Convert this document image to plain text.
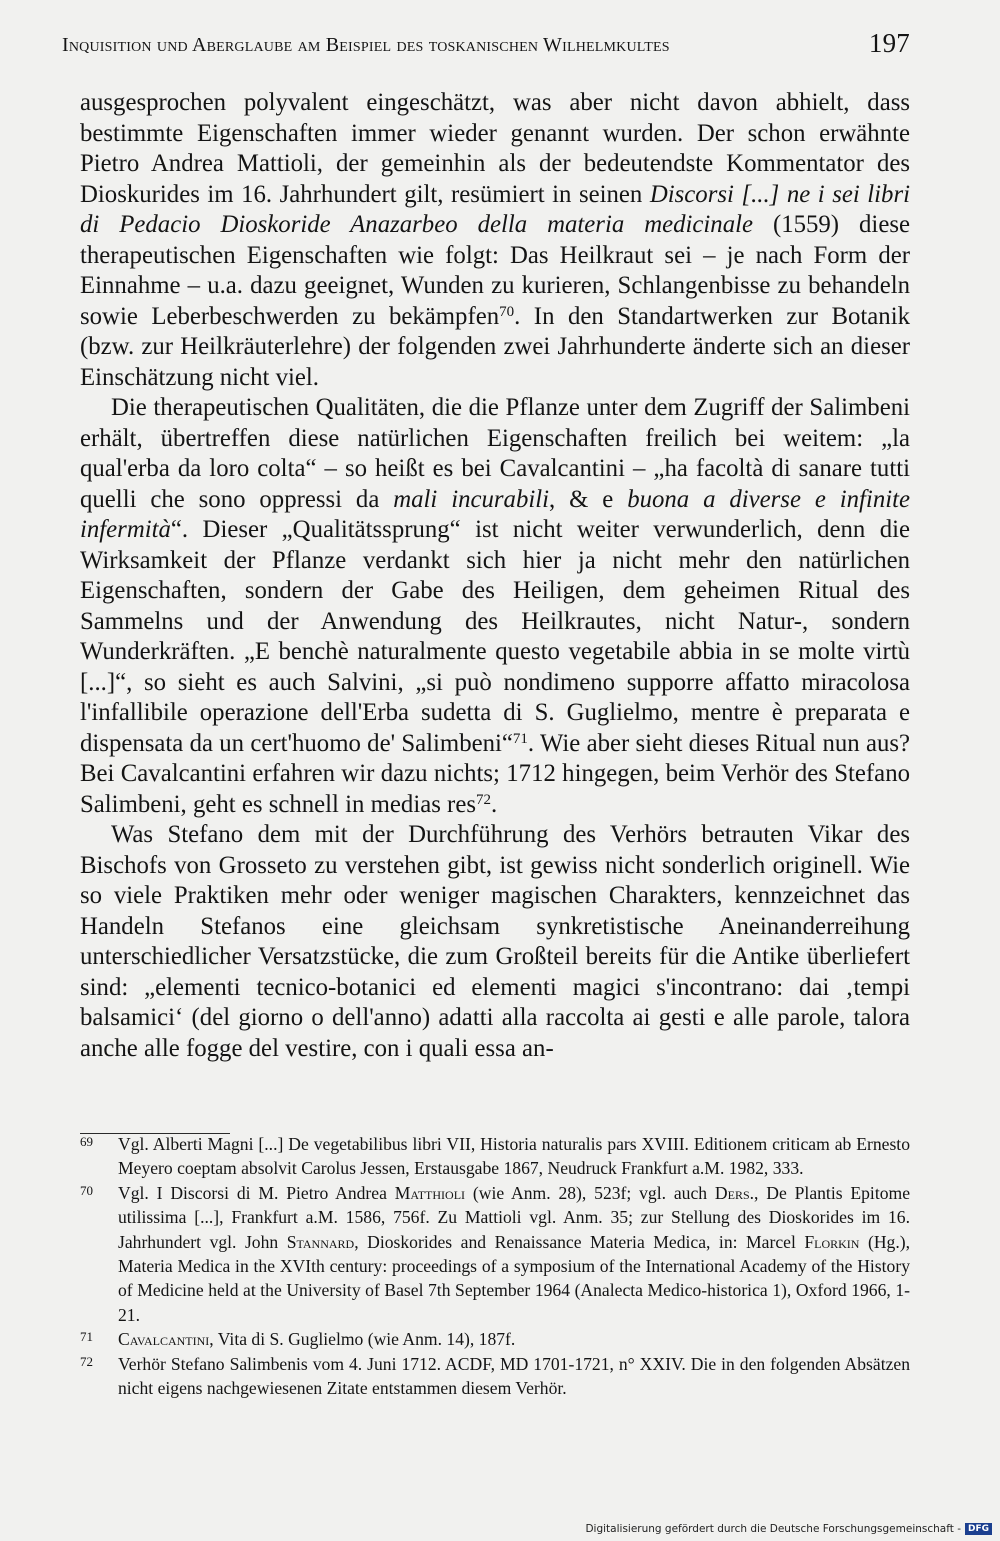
Inquisition und Aberglaube am Beispiel des toskanischen Wilhelmkultes	197

ausgesprochen polyvalent eingeschätzt, was aber nicht davon abhielt, dass bestimmte Eigenschaften immer wieder genannt wurden. Der schon erwähnte Pietro Andrea Mattioli, der gemeinhin als der bedeutendste Kommentator des Dioskurides im 16. Jahrhundert gilt, resümiert in seinen Discorsi [...] ne i sei libri di Pedacio Dioskoride Anazarbeo della materia medicinale (1559) diese therapeutischen Eigenschaften wie folgt: Das Heilkraut sei – je nach Form der Einnahme – u.a. dazu geeignet, Wunden zu kurieren, Schlangenbisse zu behandeln sowie Leberbeschwerden zu bekämpfen$^{70}$. In den Standartwerken zur Botanik (bzw. zur Heilkräuterlehre) der folgenden zwei Jahrhunderte änderte sich an dieser Einschätzung nicht viel.

Die therapeutischen Qualitäten, die die Pflanze unter dem Zugriff der Salimbeni erhält, übertreffen diese natürlichen Eigenschaften freilich bei weitem: „la qual'erba da loro colta“ – so heißt es bei Cavalcantini – „ha facoltà di sanare tutti quelli che sono oppressi da mali incurabili, & e buona a diverse e infinite infermità“. Dieser „Qualitätssprung“ ist nicht weiter verwunderlich, denn die Wirksamkeit der Pflanze verdankt sich hier ja nicht mehr den natürlichen Eigenschaften, sondern der Gabe des Heiligen, dem geheimen Ritual des Sammelns und der Anwendung des Heilkrautes, nicht Natur-, sondern Wunderkräften. „E benchè naturalmente questo vegetabile abbia in se molte virtù [...]“, so sieht es auch Salvini, „si può nondimeno supporre affatto miracolosa l'infallibile operazione dell'Erba sudetta di S. Guglielmo, mentre è preparata e dispensata da un cert'huomo de' Salimbeni“$^{71}$. Wie aber sieht dieses Ritual nun aus? Bei Cavalcantini erfahren wir dazu nichts; 1712 hingegen, beim Verhör des Stefano Salimbeni, geht es schnell in medias res$^{72}$.

Was Stefano dem mit der Durchführung des Verhörs betrauten Vikar des Bischofs von Grosseto zu verstehen gibt, ist gewiss nicht sonderlich originell. Wie so viele Praktiken mehr oder weniger magischen Charakters, kennzeichnet das Handeln Stefanos eine gleichsam synkretistische Aneinanderreihung unterschiedlicher Versatzstücke, die zum Großteil bereits für die Antike überliefert sind: „elementi tecnico-botanici ed elementi magici s'incontrano: dai ‚tempi balsamici‘ (del giorno o dell'anno) adatti alla raccolta ai gesti e alle parole, talora anche alle fogge del vestire, con i quali essa an-

69 Vgl. Alberti Magni [...] De vegetabilibus libri VII, Historia naturalis pars XVIII. Editionem criticam ab Ernesto Meyero coeptam absolvit Carolus Jessen, Erstausgabe 1867, Neudruck Frankfurt a.M. 1982, 333.
70 Vgl. I Discorsi di M. Pietro Andrea Matthioli (wie Anm. 28), 523f; vgl. auch Ders., De Plantis Epitome utilissima [...], Frankfurt a.M. 1586, 756f. Zu Mattioli vgl. Anm. 35; zur Stellung des Dioskorides im 16. Jahrhundert vgl. John Stannard, Dioskorides and Renaissance Materia Medica, in: Marcel Florkin (Hg.), Materia Medica in the XVIth century: proceedings of a symposium of the International Academy of the History of Medicine held at the University of Basel 7th September 1964 (Analecta Medico-historica 1), Oxford 1966, 1-21.
71 Cavalcantini, Vita di S. Guglielmo (wie Anm. 14), 187f.
72 Verhör Stefano Salimbenis vom 4. Juni 1712. ACDF, MD 1701-1721, n° XXIV. Die in den folgenden Absätzen nicht eigens nachgewiesenen Zitate entstammen diesem Verhör.
Digitalisierung gefördert durch die Deutsche Forschungsgemeinschaft - DFG
